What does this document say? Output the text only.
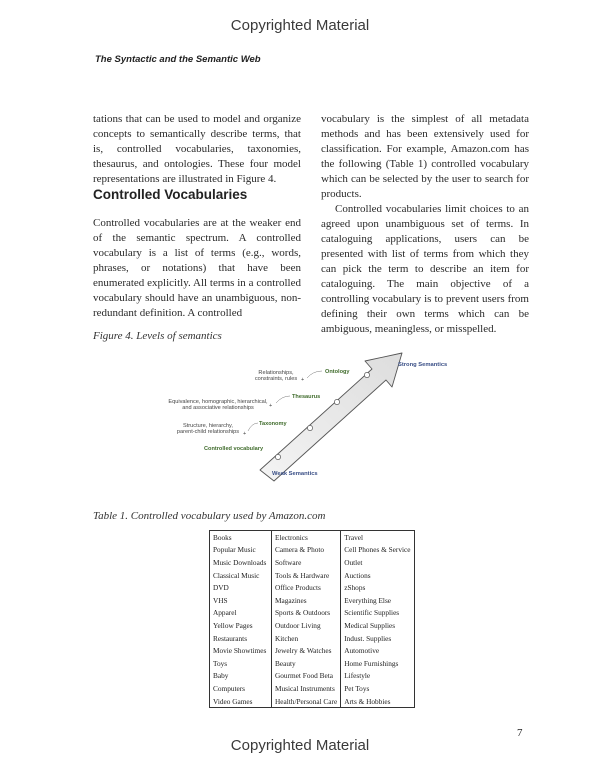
Copyrighted Material
The Syntactic and the Semantic Web

tations that can be used to model and organize concepts to semantically describe terms, that is, controlled vocabularies, taxonomies, thesaurus, and ontologies. These four model representations are illustrated in Figure 4.

Controlled Vocabularies

Controlled vocabularies are at the weaker end of the semantic spectrum. A controlled vocabulary is a list of terms (e.g., words, phrases, or notations) that have been enumerated explicitly. All terms in a controlled vocabulary should have an unambiguous, non-redundant definition. A controlled

vocabulary is the simplest of all metadata methods and has been extensively used for classification. For example, Amazon.com has the following (Table 1) controlled vocabulary which can be selected by the user to search for products.

Controlled vocabularies limit choices to an agreed upon unambiguous set of terms. In cataloguing applications, users can be presented with list of terms from which they can pick the term to describe an item for cataloguing. The main objective of a controlling vocabulary is to prevent users from defining their own terms which can be ambiguous, meaningless, or misspelled.

Figure 4. Levels of semantics
Strong Semantics
Weak Semantics
Controlled vocabulary
Structure, hierarchy,
parent-child relationships +
Taxonomy
Equivalence, homographic, hierarchical,
and associative relationships	+
Thesaurus
Relationships,
constraints, rules +
Ontology
Table 1. Controlled vocabulary used by Amazon.com
Books	Electronics	Travel
Popular Music	Camera & Photo	Cell Phones & Service
Music Downloads	Software	Outlet
Classical Music	Tools & Hardware	Auctions
DVD	Office Products	zShops
VHS	Magazines	Everything Else
Apparel	Sports & Outdoors	Scientific Supplies
Yellow Pages	Outdoor Living	Medical Supplies
Restaurants	Kitchen	Indust. Supplies
Movie Showtimes	Jewelry & Watches	Automotive
Toys	Beauty	Home Furnishings
Baby	Gourmet Food Beta	Lifestyle
Computers	Musical Instruments	Pet Toys
Video Games	Health/Personal Care	Arts & Hobbies
7
Copyrighted Material
